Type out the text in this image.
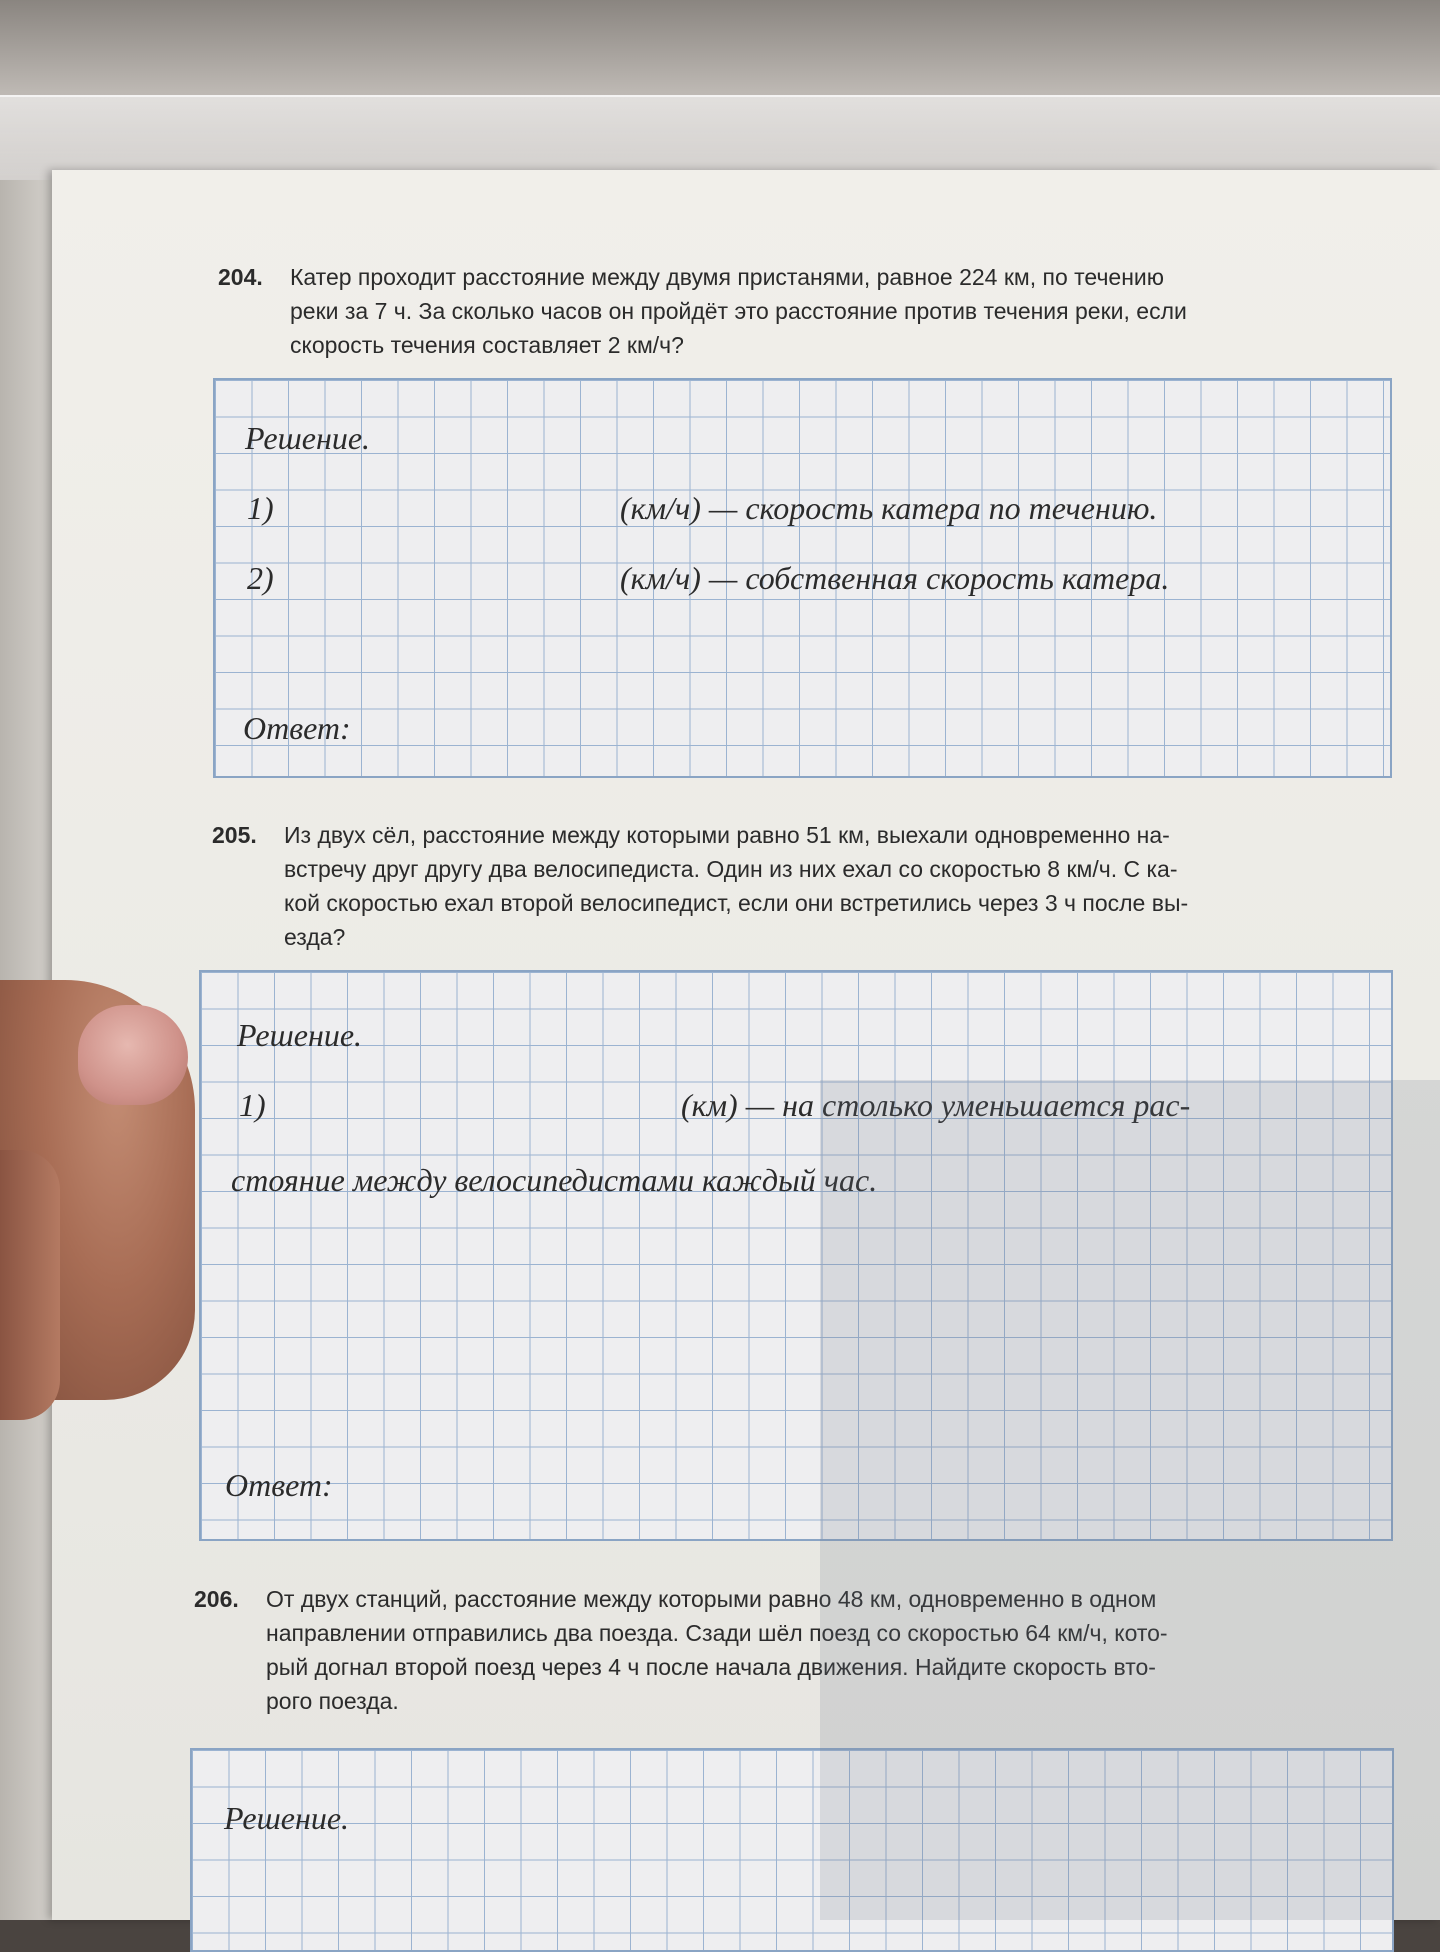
204.	Катер проходит расстояние между двумя пристанями, равное 224 км, по течению
реки за 7 ч. За сколько часов он пройдёт это расстояние против течения реки, если
скорость течения составляет 2 км/ч?
Решение.
1)	(км/ч) — скорость катера по течению.
2)	(км/ч) — собственная скорость катера.
Ответ:
205.	Из двух сёл, расстояние между которыми равно 51 км, выехали одновременно на-
встречу друг другу два велосипедиста. Один из них ехал со скоростью 8 км/ч. С ка-
кой скоростью ехал второй велосипедист, если они встретились через 3 ч после вы-
езда?
Решение.
1)	(км) — на столько уменьшается рас-
стояние между велосипедистами каждый час.
Ответ:
206.	От двух станций, расстояние между которыми равно 48 км, одновременно в одном
направлении отправились два поезда. Сзади шёл поезд со скоростью 64 км/ч, кото-
рый догнал второй поезд через 4 ч после начала движения. Найдите скорость вто-
рого поезда.
Решение.
